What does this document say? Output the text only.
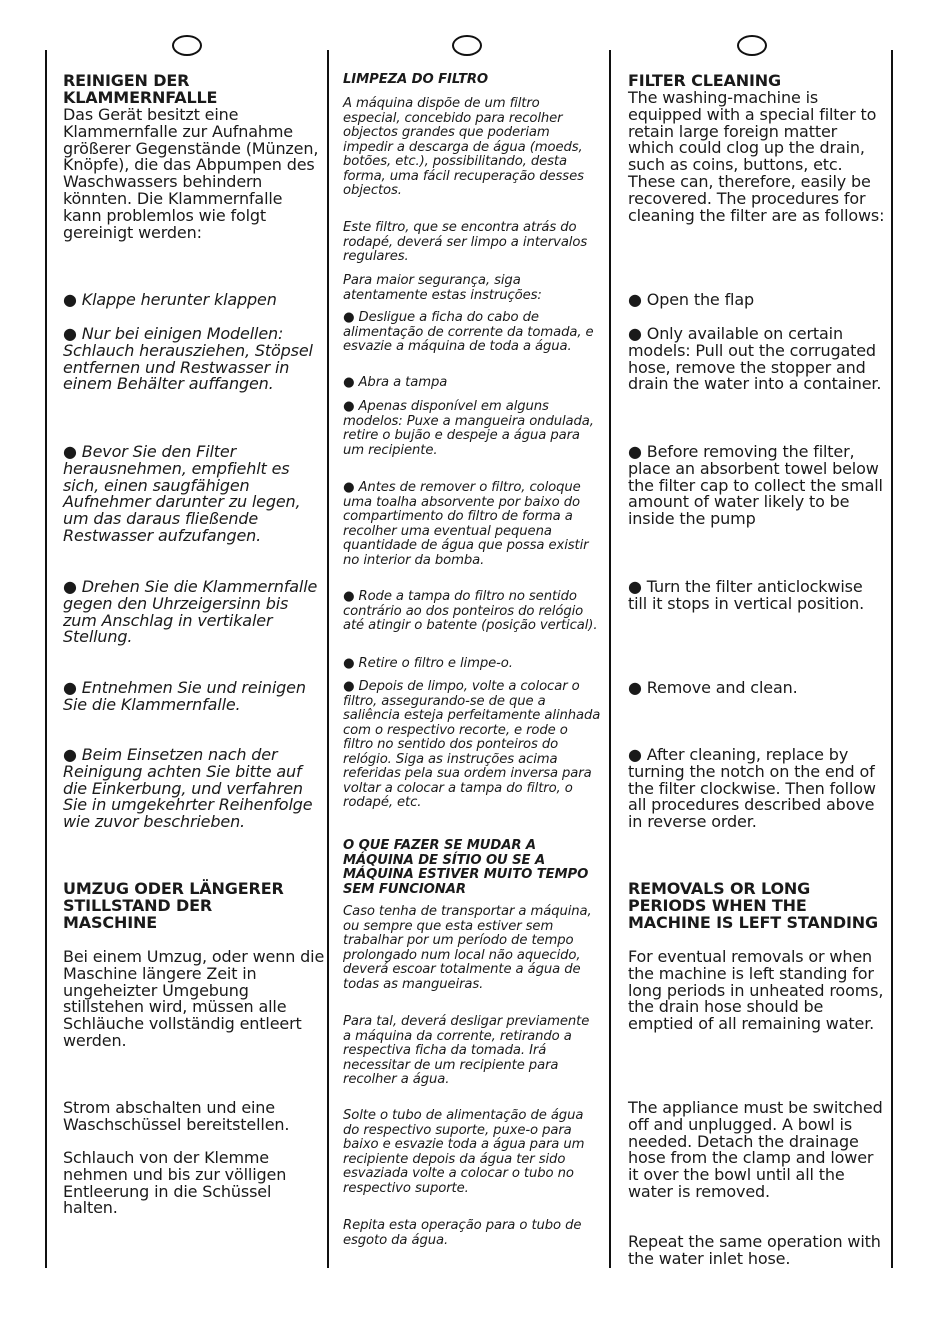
REINIGEN DER KLAMMERNFALLE

Das Gerät besitzt eine Klammernfalle zur Aufnahme größerer Gegenstände (Münzen, Knöpfe), die das Abpumpen des Waschwassers behindern könnten. Die Klammernfalle kann problemlos wie folgt gereinigt werden:

● Klappe herunter klappen

● Nur bei einigen Modellen: Schlauch herausziehen, Stöpsel entfernen und Restwasser in einem Behälter auffangen.

● Bevor Sie den Filter herausnehmen, empfiehlt es sich, einen saugfähigen Aufnehmer darunter zu legen, um das daraus fließende Restwasser aufzufangen.

● Drehen Sie die Klammernfalle gegen den Uhrzeigersinn bis zum Anschlag in vertikaler Stellung.

● Entnehmen Sie und reinigen Sie die Klammernfalle.

● Beim Einsetzen nach der Reinigung achten Sie bitte auf die Einkerbung, und verfahren Sie in umgekehrter Reihenfolge wie zuvor beschrieben.

UMZUG ODER LÄNGERER STILLSTAND DER MASCHINE

Bei einem Umzug, oder wenn die Maschine längere Zeit in ungeheizter Umgebung stillstehen wird, müssen alle Schläuche vollständig entleert werden.

Strom abschalten und eine Waschschüssel bereitstellen.

Schlauch von der Klemme nehmen und bis zur völligen Entleerung in die Schüssel halten.

LIMPEZA DO FILTRO

A máquina dispõe de um filtro especial, concebido para recolher objectos grandes que poderiam impedir a descarga de água (moeds, botões, etc.), possibilitando, desta forma, uma fácil recuperação desses objectos.

Este filtro, que se encontra atrás do rodapé, deverá ser limpo a intervalos regulares.

Para maior segurança, siga atentamente estas instruções:

● Desligue a ficha do cabo de alimentação de corrente da tomada, e esvazie a máquina de toda a água.

● Abra a tampa

● Apenas disponível em alguns modelos: Puxe a mangueira ondulada, retire o bujão e despeje a água para um recipiente.

● Antes de remover o filtro, coloque uma toalha absorvente por baixo do compartimento do filtro de forma a recolher uma eventual pequena quantidade de água que possa existir no interior da bomba.

● Rode a tampa do filtro no sentido contrário ao dos ponteiros do relógio até atingir o batente (posição vertical).

● Retire o filtro e limpe-o.

● Depois de limpo, volte a colocar o filtro, assegurando-se de que a saliência esteja perfeitamente alinhada com o respectivo recorte, e rode o filtro no sentido dos ponteiros do relógio. Siga as instruções acima referidas pela sua ordem inversa para voltar a colocar a tampa do filtro, o rodapé, etc.

O QUE FAZER SE MUDAR A MÁQUINA DE SÍTIO OU SE A MÁQUINA ESTIVER MUITO TEMPO SEM FUNCIONAR

Caso tenha de transportar a máquina, ou sempre que esta estiver sem trabalhar por um período de tempo prolongado num local não aquecido, deverá escoar totalmente a água de todas as mangueiras.

Para tal, deverá desligar previamente a máquina da corrente, retirando a respectiva ficha da tomada. Irá necessitar de um recipiente para recolher a água.

Solte o tubo de alimentação de água do respectivo suporte, puxe-o para baixo e esvazie toda a água para um recipiente depois da água ter sido esvaziada volte a colocar o tubo no respectivo suporte.

Repita esta operação para o tubo de esgoto da água.

FILTER CLEANING

The washing-machine is equipped with a special filter to retain large foreign matter which could clog up the drain, such as coins, buttons, etc. These can, therefore, easily be recovered. The procedures for cleaning the filter are as follows:

● Open the flap

● Only available on certain models: Pull out the corrugated hose, remove the stopper and drain the water into a container.

● Before removing the filter, place an absorbent towel below the filter cap to collect the small amount of water likely to be inside the pump

● Turn the filter anticlockwise till it stops in vertical position.

● Remove and clean.

● After cleaning, replace by turning the notch on the end of the filter clockwise. Then follow all procedures described above in reverse order.

REMOVALS OR LONG PERIODS WHEN THE MACHINE IS LEFT STANDING

For eventual removals or when the machine is left standing for long periods in unheated rooms, the drain hose should be emptied of all remaining water.

The appliance must be switched off and unplugged. A bowl is needed. Detach the drainage hose from the clamp and lower it over the bowl until all the water is removed.

Repeat the same operation with the water inlet hose.
